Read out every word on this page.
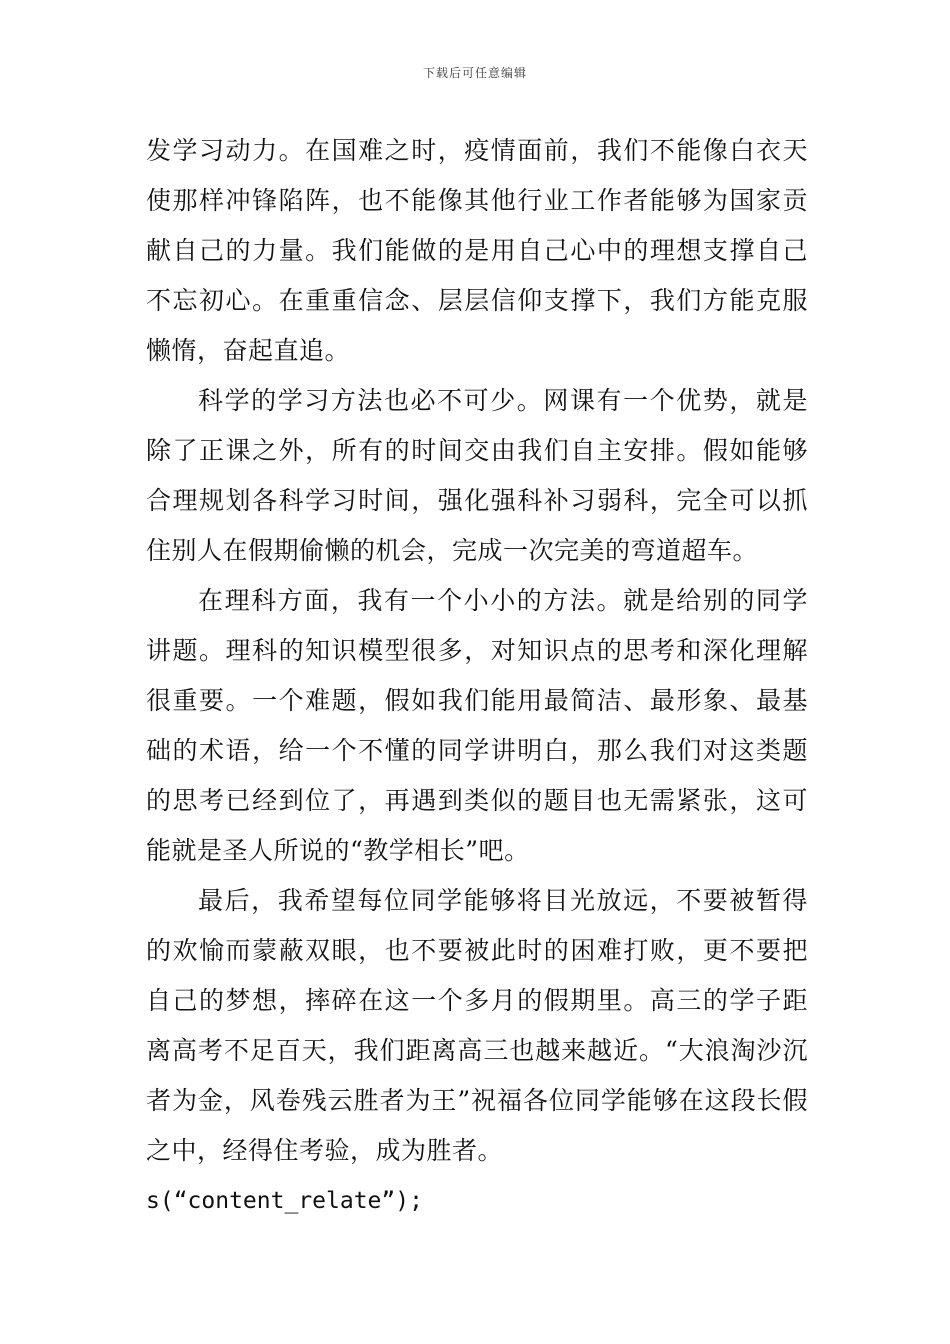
下载后可任意编辑

发学习动力。在国难之时，疫情面前，我们不能像白衣天使那样冲锋陷阵，也不能像其他行业工作者能够为国家贡献自己的力量。我们能做的是用自己心中的理想支撑自己不忘初心。在重重信念、层层信仰支撑下，我们方能克服懒惰，奋起直追。

科学的学习方法也必不可少。网课有一个优势，就是除了正课之外，所有的时间交由我们自主安排。假如能够合理规划各科学习时间，强化强科补习弱科，完全可以抓住别人在假期偷懒的机会，完成一次完美的弯道超车。

在理科方面，我有一个小小的方法。就是给别的同学讲题。理科的知识模型很多，对知识点的思考和深化理解很重要。一个难题，假如我们能用最简洁、最形象、最基础的术语，给一个不懂的同学讲明白，那么我们对这类题的思考已经到位了，再遇到类似的题目也无需紧张，这可能就是圣人所说的“教学相长”吧。

最后，我希望每位同学能够将目光放远，不要被暂得的欢愉而蒙蔽双眼，也不要被此时的困难打败，更不要把自己的梦想，摔碎在这一个多月的假期里。高三的学子距离高考不足百天，我们距离高三也越来越近。“大浪淘沙沉者为金，风卷残云胜者为王”祝福各位同学能够在这段长假之中，经得住考验，成为胜者。

s(“content_relate”);
